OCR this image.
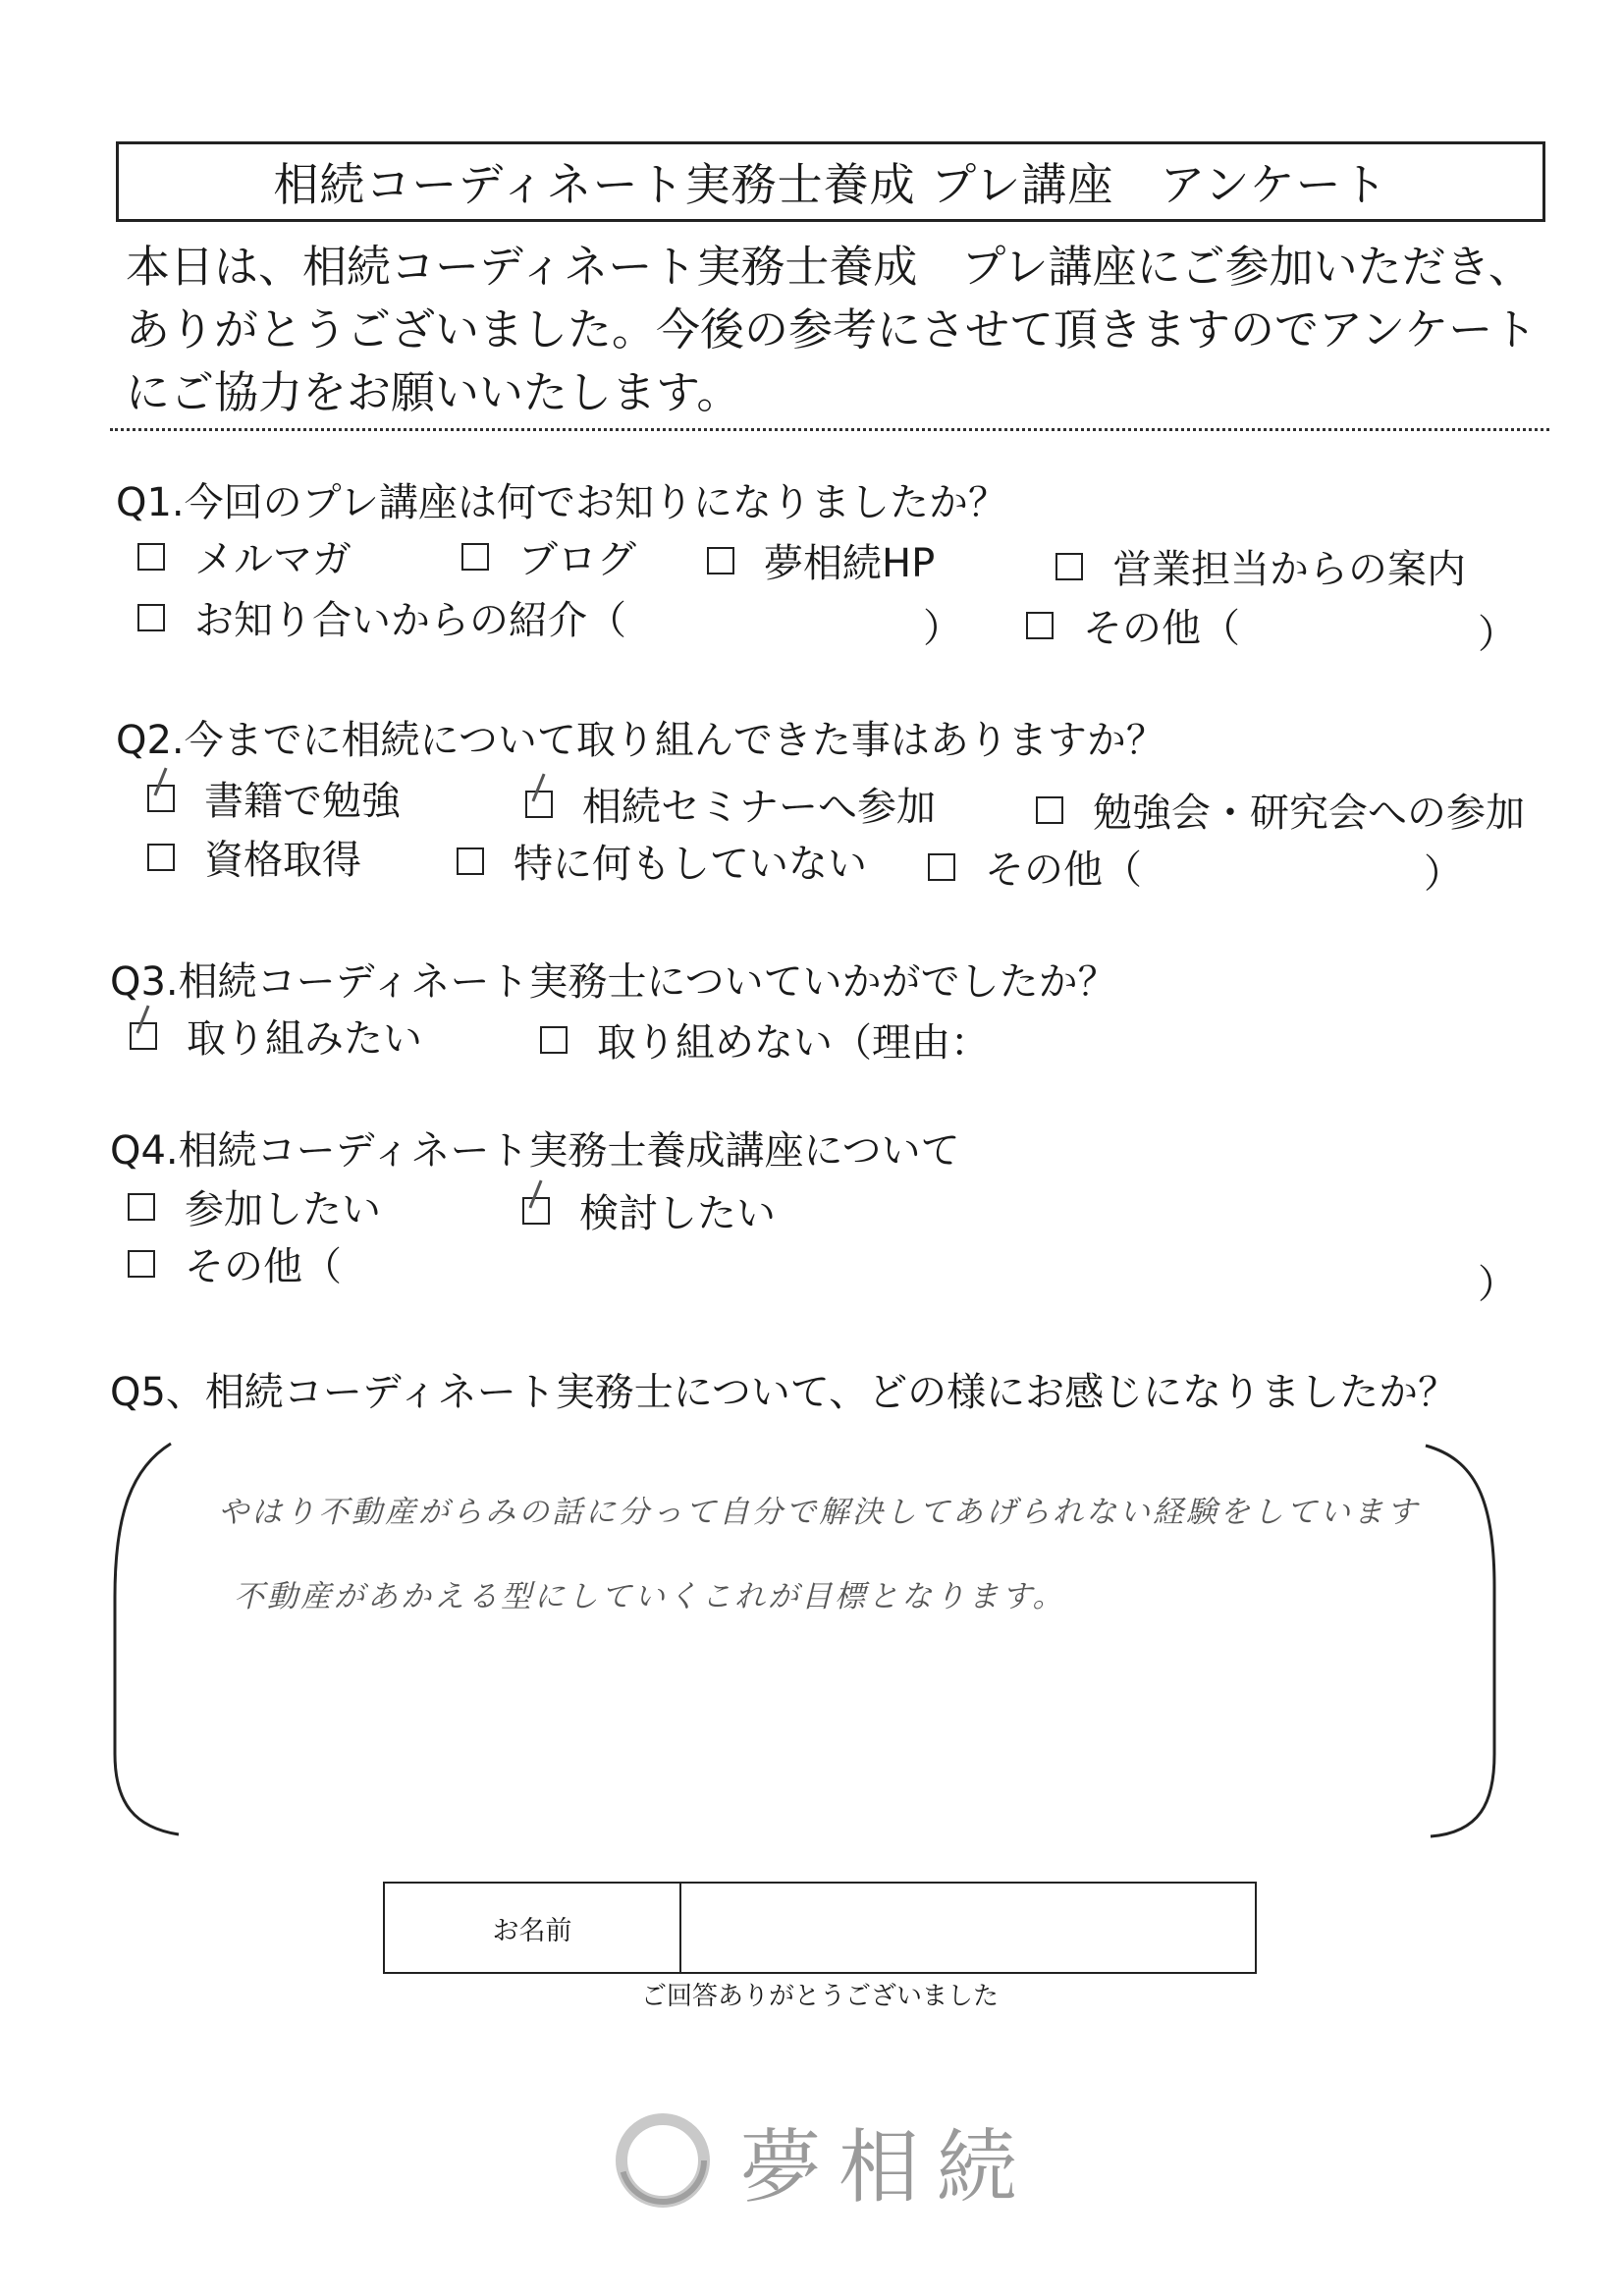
相続コーディネート実務士養成 プレ講座　アンケート
本日は、相続コーディネート実務士養成　プレ講座にご参加いただき、
ありがとうございました。今後の参考にさせて頂きますのでアンケート
にご協力をお願いいたします。
Q1.今回のプレ講座は何でお知りになりましたか？
メルマガ	ブログ	夢相続HP	営業担当からの案内
お知り合いからの紹介（	）	その他（	）
Q2.今までに相続について取り組んできた事はありますか？
書籍で勉強	相続セミナーへ参加	勉強会・研究会への参加
資格取得	特に何もしていない	その他（	）
Q3.相続コーディネート実務士についていかがでしたか？
取り組みたい	取り組めない（理由：
Q4.相続コーディネート実務士養成講座について
参加したい	検討したい
その他（	）
Q5、相続コーディネート実務士について、どの様にお感じになりましたか？
やはり不動産がらみの話に分って自分で解決してあげられない経験をしています
不動産があかえる型にしていくこれが目標となります。
お名前
ご回答ありがとうございました
夢相続
